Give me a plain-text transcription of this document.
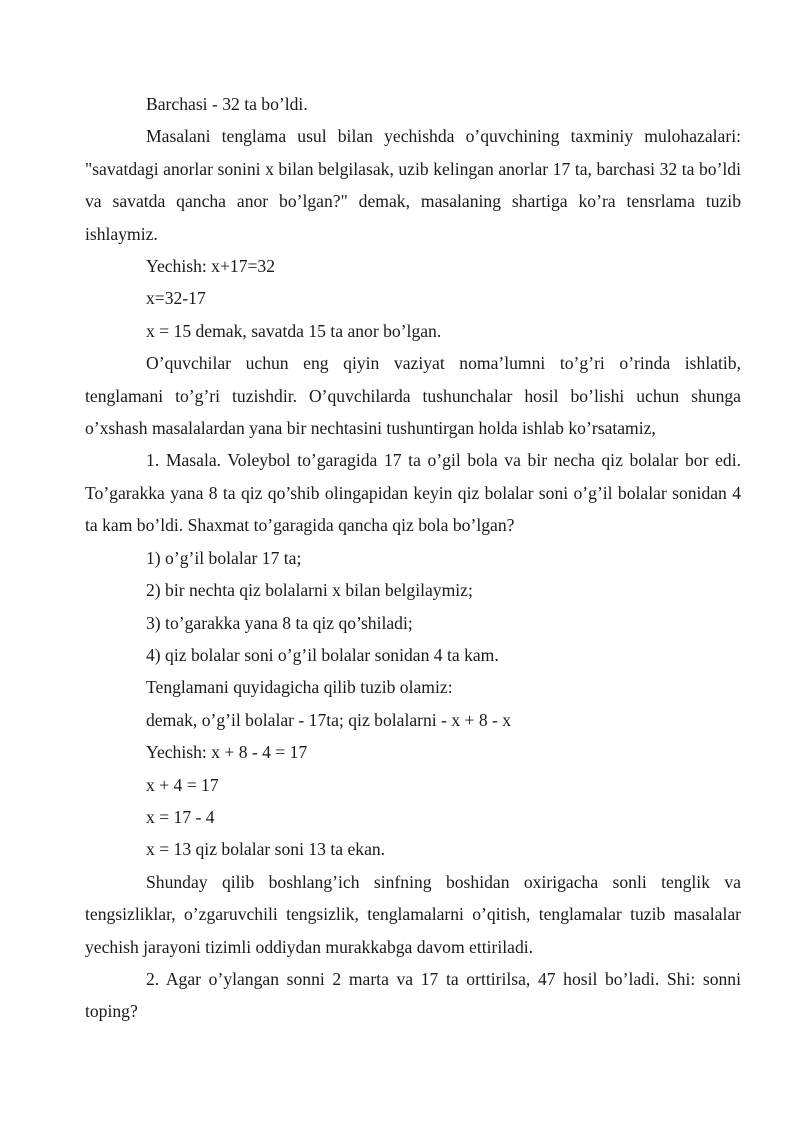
Barchasi - 32 ta bo’ldi.

Masalani tenglama usul bilan yechishda o’quvchining taxminiy mulohazalari: "savatdagi anorlar sonini x bilan belgilasak, uzib kelingan anorlar 17 ta, barchasi 32 ta bo’ldi va savatda qancha anor bo’lgan?" demak, masalaning shartiga ko’ra tensrlama tuzib ishlaymiz.

Yechish: x+17=32

x=32-17

x = 15 demak, savatda 15 ta anor bo’lgan.

O’quvchilar uchun eng qiyin vaziyat noma’lumni to’g’ri o’rinda ishlatib, tenglamani to’g’ri tuzishdir. O’quvchilarda tushunchalar hosil bo’lishi uchun shunga o’xshash masalalardan yana bir nechtasini tushuntirgan holda ishlab ko’rsatamiz,

1. Masala. Voleybol to’garagida 17 ta o’gil bola va bir necha qiz bolalar bor edi. To’garakka yana 8 ta qiz qo’shib olingapidan keyin qiz bolalar soni o’g’il bolalar sonidan 4 ta kam bo’ldi. Shaxmat to’garagida qancha qiz bola bo’lgan?

1) o’g’il bolalar 17 ta;

2) bir nechta qiz bolalarni x bilan belgilaymiz;

3) to’garakka yana 8 ta qiz qo’shiladi;

4) qiz bolalar soni o’g’il bolalar sonidan 4 ta kam.

Tenglamani quyidagicha qilib tuzib olamiz:

demak, o’g’il bolalar - 17ta; qiz bolalarni - x + 8 - x

Yechish: x + 8 - 4 = 17

x + 4 = 17

x = 17 - 4

x = 13 qiz bolalar soni 13 ta ekan.

Shunday qilib boshlang’ich sinfning boshidan oxirigacha sonli tenglik va tengsizliklar, o’zgaruvchili tengsizlik, tenglamalarni o’qitish, tenglamalar tuzib masalalar yechish jarayoni tizimli oddiydan murakkabga davom ettiriladi.

2. Agar o’ylangan sonni 2 marta va 17 ta orttirilsa, 47 hosil bo’ladi. Shi: sonni toping?
